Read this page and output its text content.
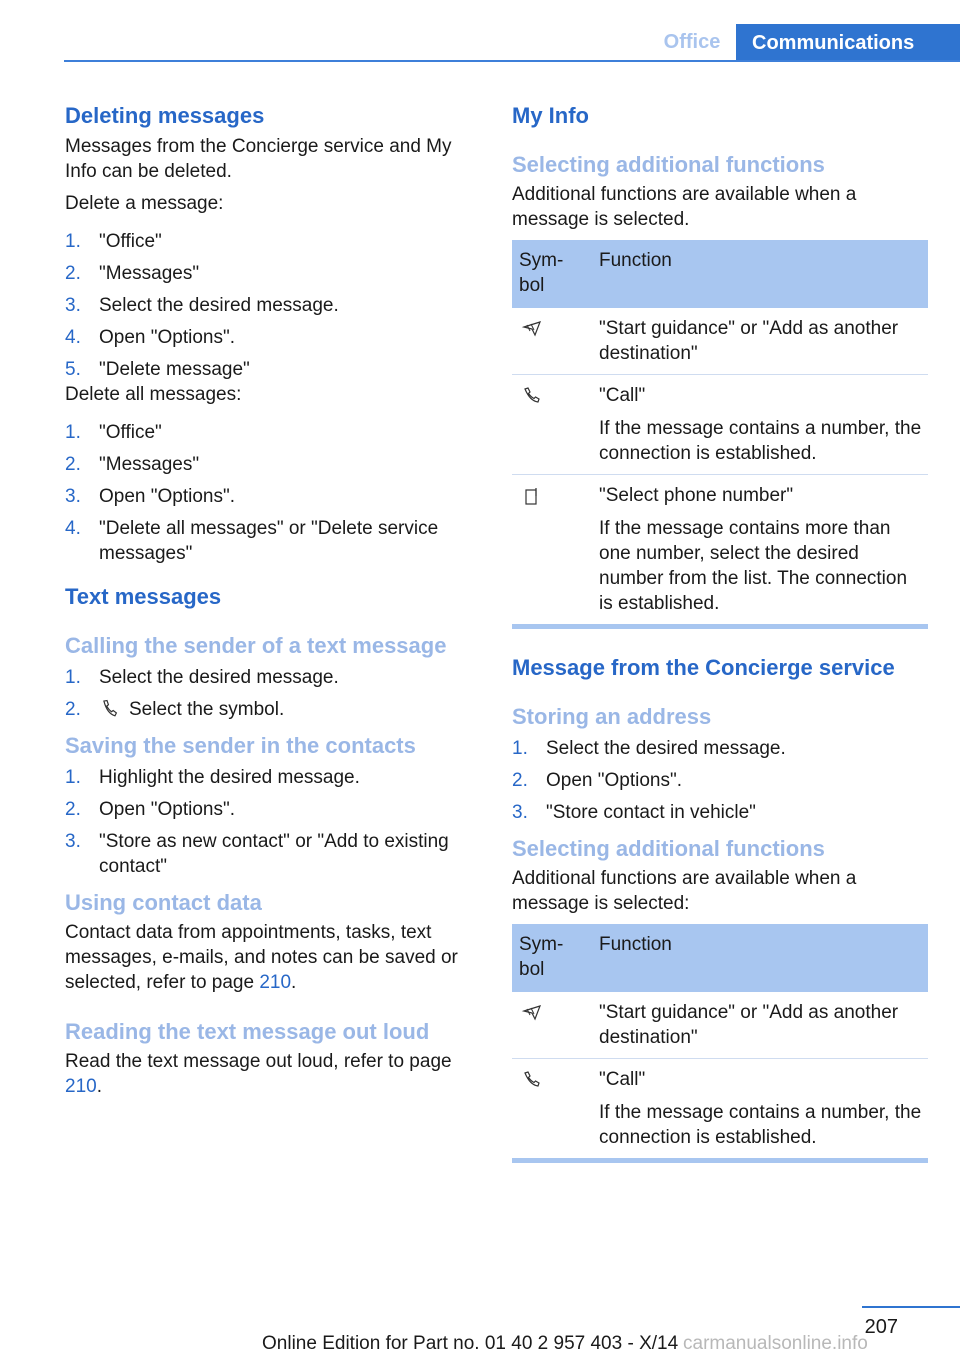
Office	Communications
Deleting messages

Messages from the Concierge service and My Info can be deleted.

Delete a message:

1. "Office"
2. "Messages"
3. Select the desired message.
4. Open "Options".
5. "Delete message"

Delete all messages:

1. "Office"
2. "Messages"
3. Open "Options".
4. "Delete all messages" or "Delete service messages"
Text messages
Calling the sender of a text message
1. Select the desired message.
2.	Select the symbol.
Saving the sender in the contacts
1. Highlight the desired message.
2. Open "Options".
3. "Store as new contact" or "Add to existing contact"
Using contact data

Contact data from appointments, tasks, text messages, e-mails, and notes can be saved or selected, refer to page 210.

Reading the text message out loud

Read the text message out loud, refer to page 210.

My Info
Selecting additional functions

Additional functions are available when a message is selected.

Sym-bol	Function

"Start guidance" or "Add as another destination"

"Call"
If the message contains a number, the connection is established.

"Select phone number"
If the message contains more than one number, select the desired number from the list. The connection is established.
Message from the Concierge service
Storing an address
1. Select the desired message.
2. Open "Options".
3. "Store contact in vehicle"
Selecting additional functions

Additional functions are available when a message is selected:

Sym-bol	Function

"Start guidance" or "Add as another destination"

"Call"
If the message contains a number, the connection is established.
207
Online Edition for Part no. 01 40 2 957 403 - X/14 carmanualsonline.info
